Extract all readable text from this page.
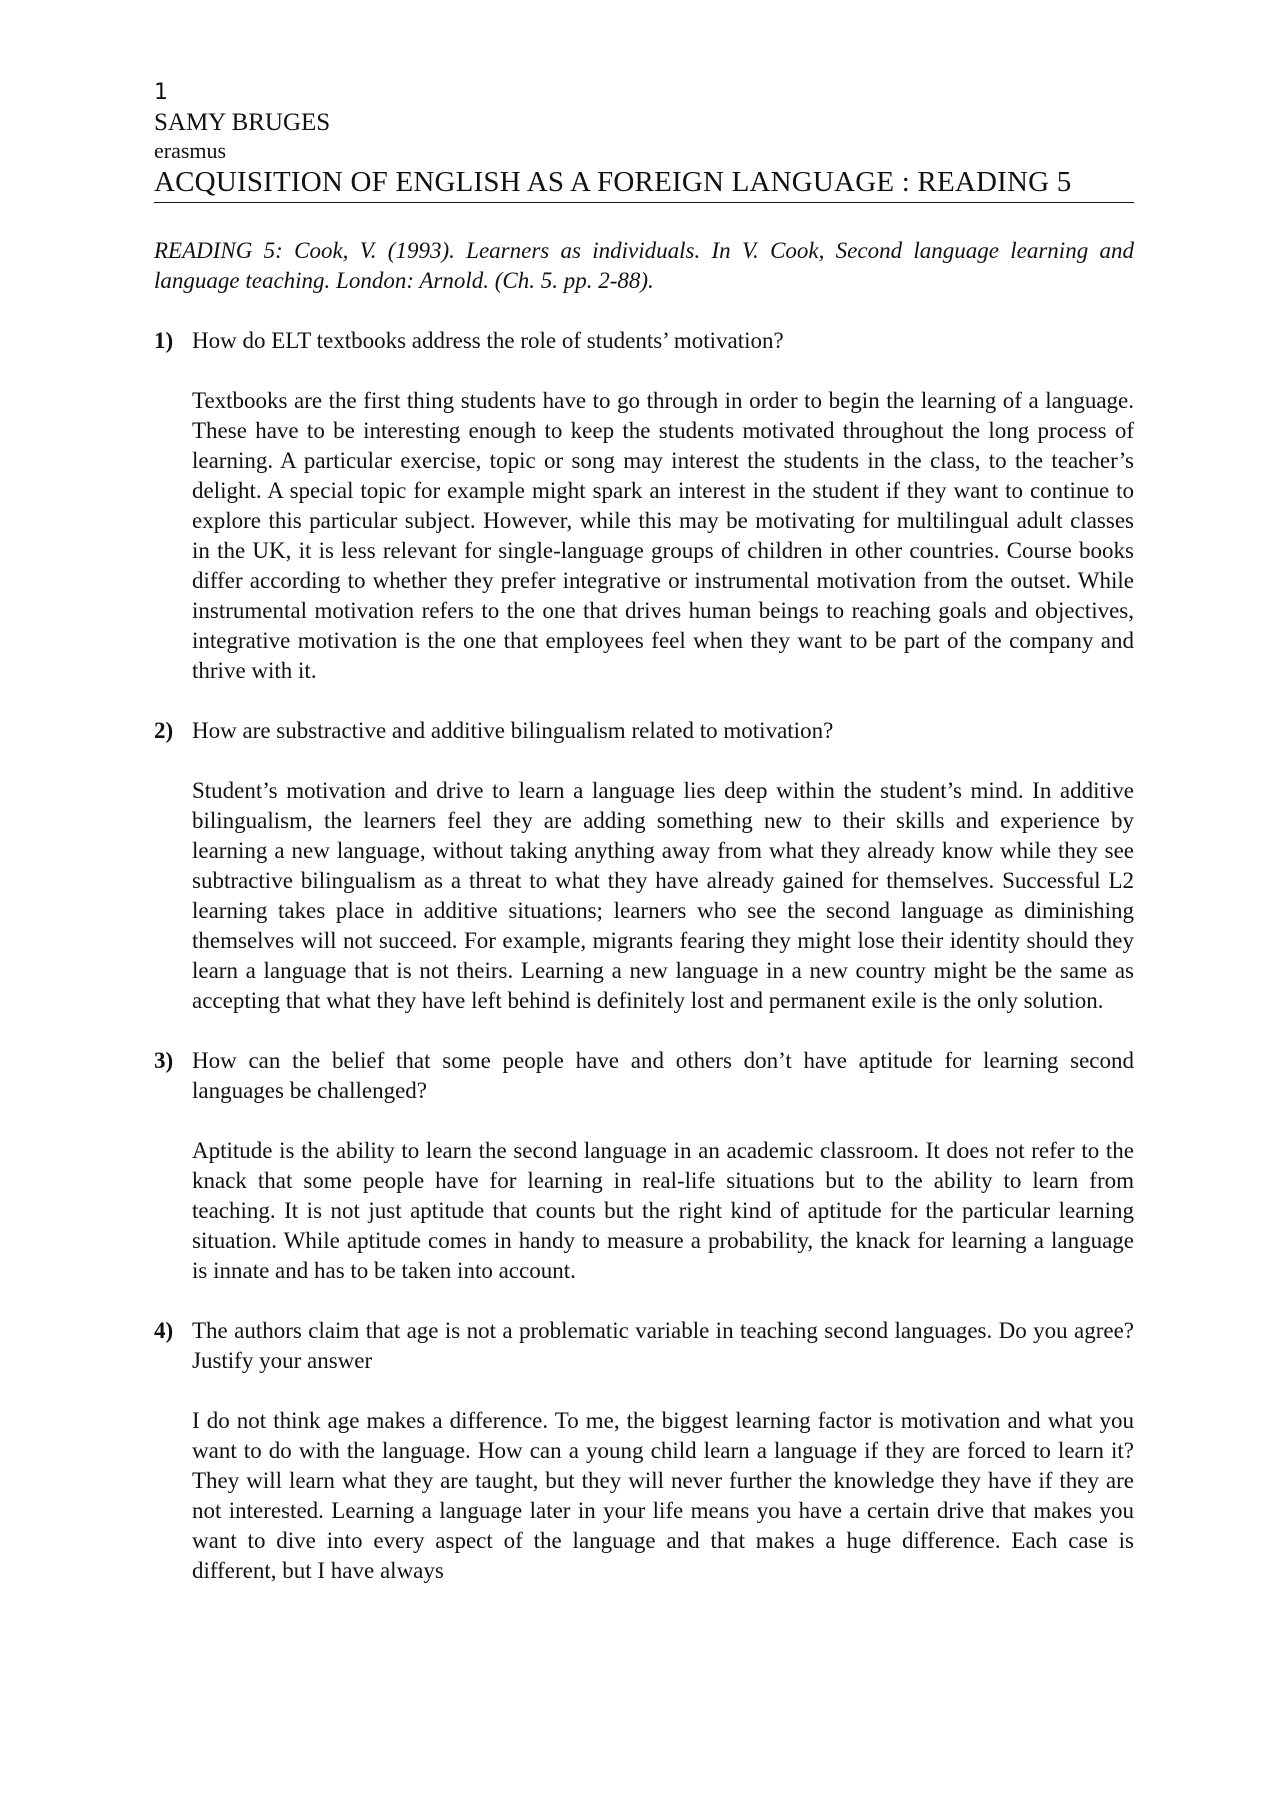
1

SAMY BRUGES

erasmus

ACQUISITION OF ENGLISH AS A FOREIGN LANGUAGE : READING 5

READING 5: Cook, V. (1993). Learners as individuals. In V. Cook, Second language learning and language teaching. London: Arnold. (Ch. 5. pp. 2-88).

1) How do ELT textbooks address the role of students’ motivation?

Textbooks are the first thing students have to go through in order to begin the learning of a language. These have to be interesting enough to keep the students motivated throughout the long process of learning. A particular exercise, topic or song may interest the students in the class, to the teacher’s delight. A special topic for example might spark an interest in the student if they want to continue to explore this particular subject. However, while this may be motivating for multilingual adult classes in the UK, it is less relevant for single-language groups of children in other countries. Course books differ according to whether they prefer integrative or instrumental motivation from the outset. While instrumental motivation refers to the one that drives human beings to reaching goals and objectives, integrative motivation is the one that employees feel when they want to be part of the company and thrive with it.

2) How are substractive and additive bilingualism related to motivation?

Student’s motivation and drive to learn a language lies deep within the student’s mind. In additive bilingualism, the learners feel they are adding something new to their skills and experience by learning a new language, without taking anything away from what they already know while they see subtractive bilingualism as a threat to what they have already gained for themselves. Successful L2 learning takes place in additive situations; learners who see the second language as diminishing themselves will not succeed. For example, migrants fearing they might lose their identity should they learn a language that is not theirs. Learning a new language in a new country might be the same as accepting that what they have left behind is definitely lost and permanent exile is the only solution.

3) How can the belief that some people have and others don’t have aptitude for learning second languages be challenged?

Aptitude is the ability to learn the second language in an academic classroom. It does not refer to the knack that some people have for learning in real-life situations but to the ability to learn from teaching. It is not just aptitude that counts but the right kind of aptitude for the particular learning situation. While aptitude comes in handy to measure a probability, the knack for learning a language is innate and has to be taken into account.

4) The authors claim that age is not a problematic variable in teaching second languages. Do you agree? Justify your answer

I do not think age makes a difference. To me, the biggest learning factor is motivation and what you want to do with the language. How can a young child learn a language if they are forced to learn it? They will learn what they are taught, but they will never further the knowledge they have if they are not interested. Learning a language later in your life means you have a certain drive that makes you want to dive into every aspect of the language and that makes a huge difference. Each case is different, but I have always
